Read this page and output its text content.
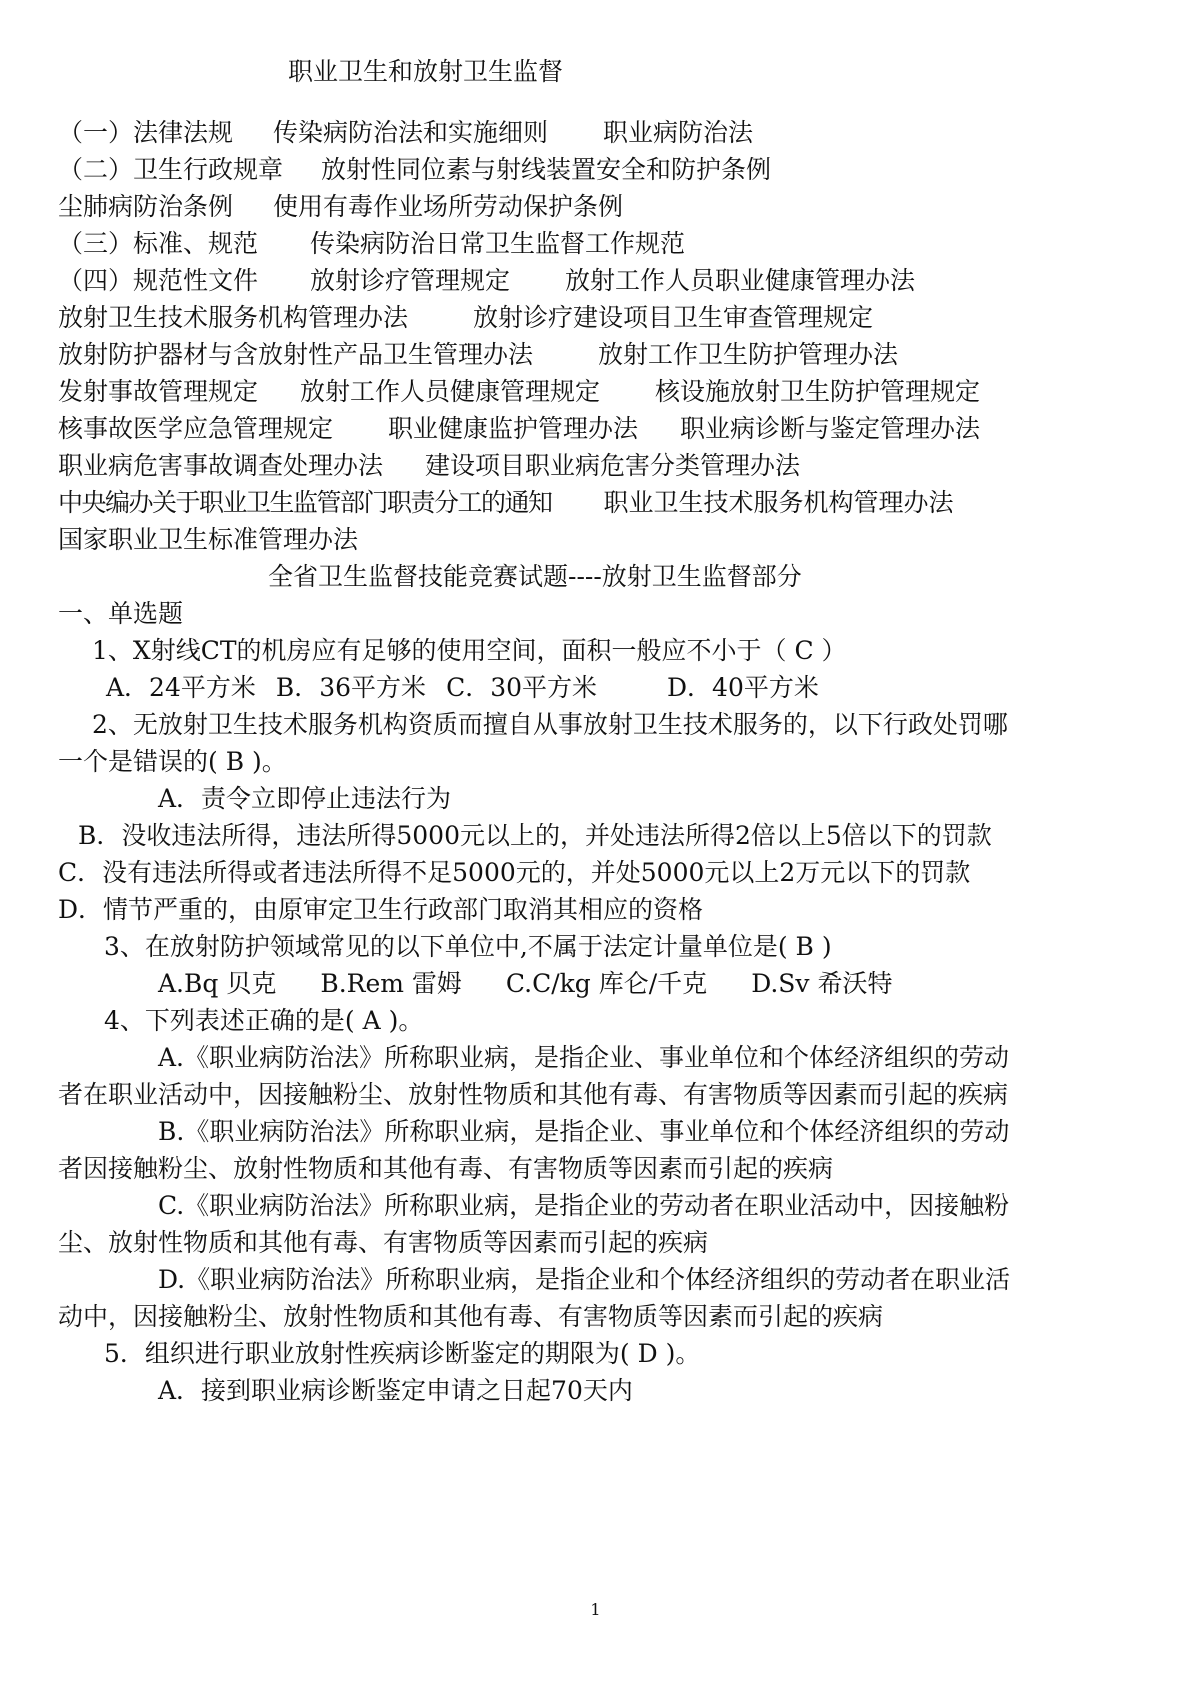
职业卫生和放射卫生监督
（一）法律法规 传染病防治法和实施细则 职业病防治法
（二）卫生行政规章 放射性同位素与射线装置安全和防护条例
尘肺病防治条例 使用有毒作业场所劳动保护条例
（三）标准、规范 传染病防治日常卫生监督工作规范
（四）规范性文件 放射诊疗管理规定 放射工作人员职业健康管理办法
放射卫生技术服务机构管理办法	放射诊疗建设项目卫生审查管理规定
放射防护器材与含放射性产品卫生管理办法	放射工作卫生防护管理办法
发射事故管理规定 放射工作人员健康管理规定 核设施放射卫生防护管理规定
核事故医学应急管理规定 职业健康监护管理办法 职业病诊断与鉴定管理办法
职业病危害事故调查处理办法 建设项目职业病危害分类管理办法
中央编办关于职业卫生监管部门职责分工的通知 职业卫生技术服务机构管理办法
国家职业卫生标准管理办法
全省卫生监督技能竞赛试题----放射卫生监督部分
一、单选题
1、X射线CT的机房应有足够的使用空间，面积一般应不小于（ C ）
A．24平方米 B．36平方米 C．30平方米	D．40平方米
2、无放射卫生技术服务机构资质而擅自从事放射卫生技术服务的，以下行政处罚哪
一个是错误的( B )。
A．责令立即停止违法行为
B．没收违法所得，违法所得5000元以上的，并处违法所得2倍以上5倍以下的罚款
C．没有违法所得或者违法所得不足5000元的，并处5000元以上2万元以下的罚款
D．情节严重的，由原审定卫生行政部门取消其相应的资格
3、在放射防护领域常见的以下单位中,不属于法定计量单位是( B )
A.Bq 贝克 B.Rem 雷姆 C.C/kg 库仑/千克 D.Sv 希沃特
4、下列表述正确的是( A )。
A.《职业病防治法》所称职业病，是指企业、事业单位和个体经济组织的劳动
者在职业活动中，因接触粉尘、放射性物质和其他有毒、有害物质等因素而引起的疾病
B.《职业病防治法》所称职业病，是指企业、事业单位和个体经济组织的劳动
者因接触粉尘、放射性物质和其他有毒、有害物质等因素而引起的疾病
C.《职业病防治法》所称职业病，是指企业的劳动者在职业活动中，因接触粉
尘、放射性物质和其他有毒、有害物质等因素而引起的疾病
D.《职业病防治法》所称职业病，是指企业和个体经济组织的劳动者在职业活
动中，因接触粉尘、放射性物质和其他有毒、有害物质等因素而引起的疾病
5．组织进行职业放射性疾病诊断鉴定的期限为( D )。
A．接到职业病诊断鉴定申请之日起70天内
1
